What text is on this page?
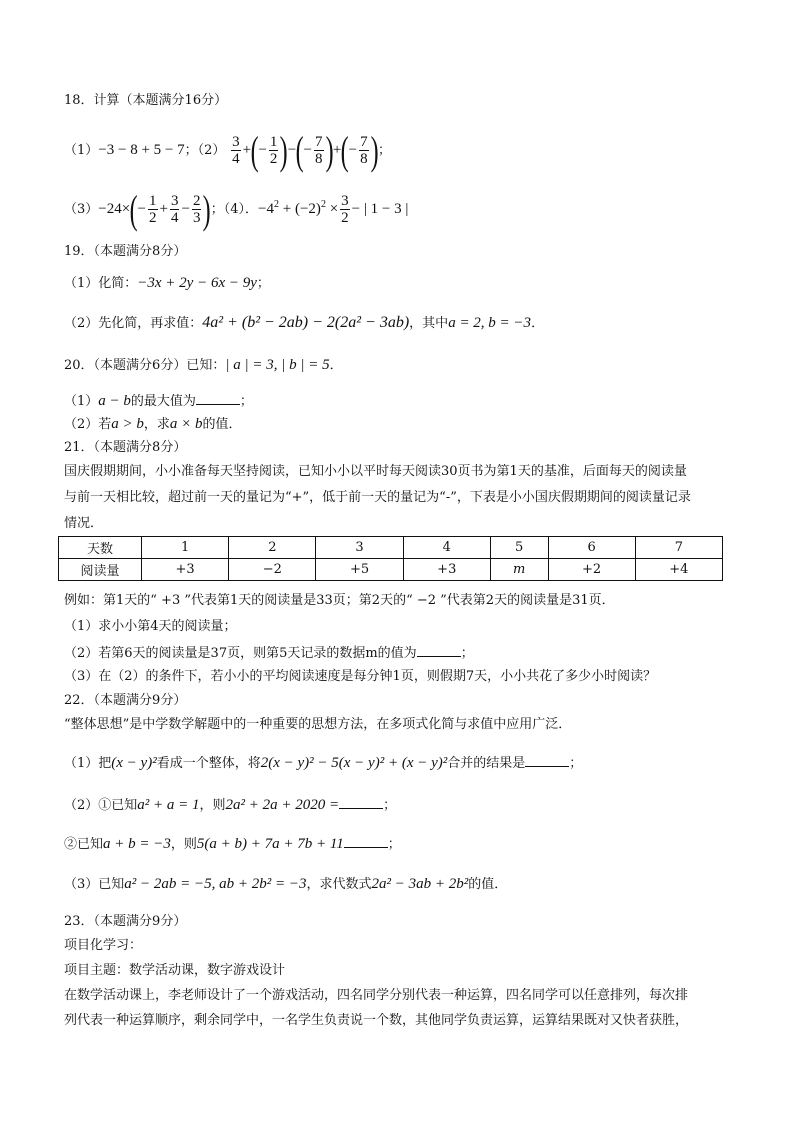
18．计算（本题满分16分）
（1）−3 − 8 + 5 − 7；$(2) \frac{3}{4}$ +(− $\frac{1}{2}$ )−(− $\frac{7}{8}$ )+(− $\frac{7}{8}$ )；
$(3)-24\times(- \frac{1}{2} + \frac{3}{4} - \frac{2}{3}$ )；（4）．$-4^2 + (-2)^2 \times \frac{3}{2}$ − | 1 − 3 |
19．（本题满分8分）
（1）化简：−3x + 2y − 6x − 9y；
（2）先化简，再求值：4a² + (b² − 2ab) − 2(2a² − 3ab)，其中a = 2, b = −3．
20．（本题满分6分）已知：| a | = 3, | b | = 5．
（1）a − b的最大值为	；
（2）若a > b，求a × b的值．
21．（本题满分8分）
国庆假期期间，小小准备每天坚持阅读，已知小小以平时每天阅读30页书为第1天的基准，后面每天的阅读量
与前一天相比较，超过前一天的量记为“+”，低于前一天的量记为“-”，下表是小小国庆假期期间的阅读量记录
情况．
天数	1	2	3	4	5	6	7
阅读量	+3	−2	+5	+3	m	+2	+4
例如：第1天的“ +3 ”代表第1天的阅读量是33页；第2天的“ −2 ”代表第2天的阅读量是31页．
（1）求小小第4天的阅读量；
（2）若第6天的阅读量是37页，则第5天记录的数据m的值为	；
（3）在（2）的条件下，若小小的平均阅读速度是每分钟1页，则假期7天，小小共花了多少小时阅读？
22．（本题满分9分）
“整体思想”是中学数学解题中的一种重要的思想方法，在多项式化简与求值中应用广泛．
（1）把(x − y)²看成一个整体，将2(x − y)² − 5(x − y)² + (x − y)²合并的结果是	；
（2）①已知a² + a = 1，则2a² + 2a + 2020 =	；
②已知a + b = −3，则5(a + b) + 7a + 7b + 11	；
（3）已知a² − 2ab = −5, ab + 2b² = −3，求代数式2a² − 3ab + 2b²的值．
23．（本题满分9分）
项目化学习：
项目主题：数学活动课，数字游戏设计
在数学活动课上，李老师设计了一个游戏活动，四名同学分别代表一种运算，四名同学可以任意排列，每次排
列代表一种运算顺序，剩余同学中，一名学生负责说一个数，其他同学负责运算，运算结果既对又快者获胜，
